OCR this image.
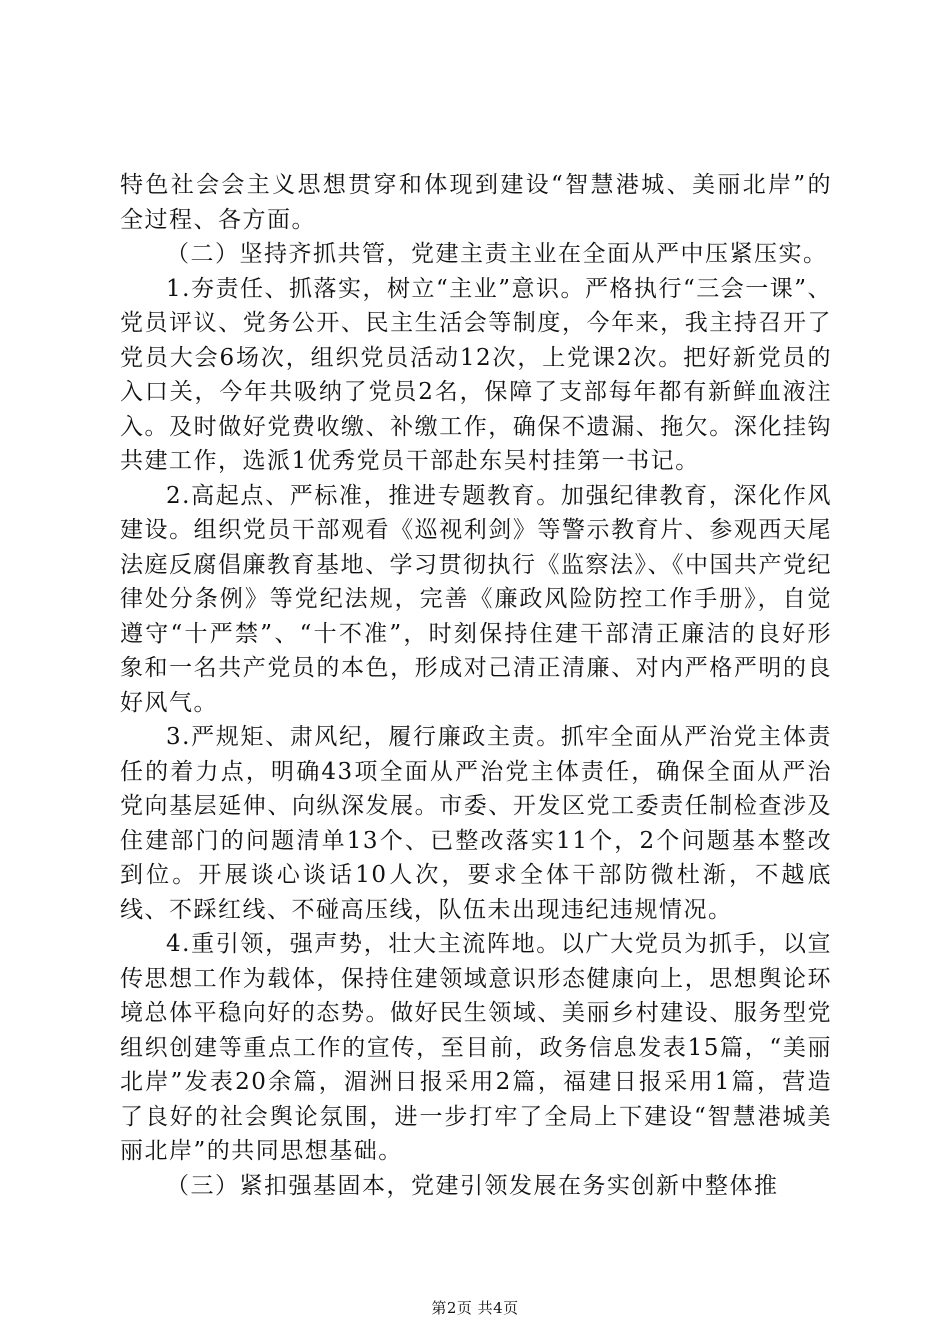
特色社会会主义思想贯穿和体现到建设“智慧港城、美丽北岸”的全过程、各方面。

（二）坚持齐抓共管，党建主责主业在全面从严中压紧压实。

1.夯责任、抓落实，树立“主业”意识。严格执行“三会一课”、党员评议、党务公开、民主生活会等制度，今年来，我主持召开了党员大会6场次，组织党员活动12次，上党课2次。把好新党员的入口关，今年共吸纳了党员2名，保障了支部每年都有新鲜血液注入。及时做好党费收缴、补缴工作，确保不遗漏、拖欠。深化挂钩共建工作，选派1优秀党员干部赴东吴村挂第一书记。

2.高起点、严标准，推进专题教育。加强纪律教育，深化作风建设。组织党员干部观看《巡视利剑》等警示教育片、参观西天尾法庭反腐倡廉教育基地、学习贯彻执行《监察法》、《中国共产党纪律处分条例》等党纪法规，完善《廉政风险防控工作手册》，自觉遵守“十严禁”、“十不准”，时刻保持住建干部清正廉洁的良好形象和一名共产党员的本色，形成对己清正清廉、对内严格严明的良好风气。

3.严规矩、肃风纪，履行廉政主责。抓牢全面从严治党主体责任的着力点，明确43项全面从严治党主体责任，确保全面从严治党向基层延伸、向纵深发展。市委、开发区党工委责任制检查涉及住建部门的问题清单13个、已整改落实11个，2个问题基本整改到位。开展谈心谈话10人次，要求全体干部防微杜渐，不越底线、不踩红线、不碰高压线，队伍未出现违纪违规情况。

4.重引领，强声势，壮大主流阵地。以广大党员为抓手，以宣传思想工作为载体，保持住建领域意识形态健康向上，思想舆论环境总体平稳向好的态势。做好民生领域、美丽乡村建设、服务型党组织创建等重点工作的宣传，至目前，政务信息发表15篇，“美丽北岸”发表20余篇，湄洲日报采用2篇，福建日报采用1篇，营造了良好的社会舆论氛围，进一步打牢了全局上下建设“智慧港城美丽北岸”的共同思想基础。

（三）紧扣强基固本，党建引领发展在务实创新中整体推

第2页 共4页
